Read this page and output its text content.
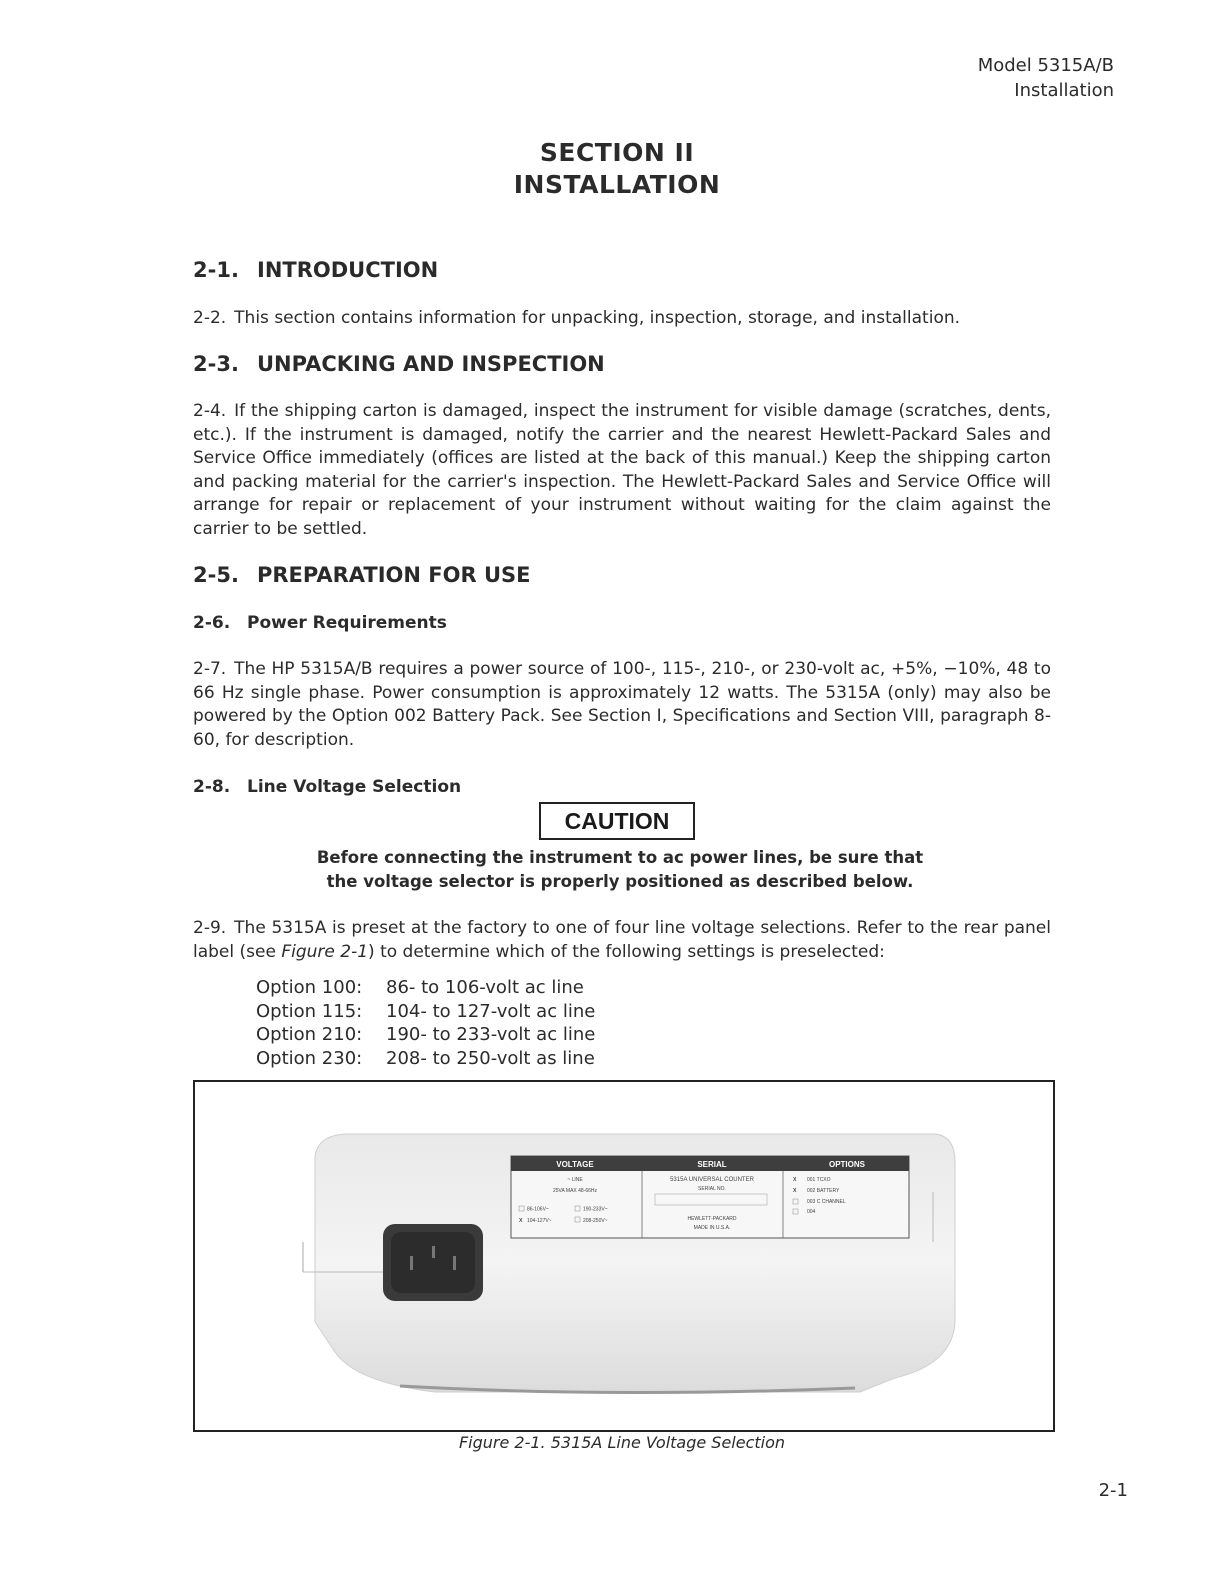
Model 5315A/B
Installation
SECTION II
INSTALLATION
2-1. INTRODUCTION
2-2. This section contains information for unpacking, inspection, storage, and installation.
2-3. UNPACKING AND INSPECTION
2-4. If the shipping carton is damaged, inspect the instrument for visible damage (scratches, dents, etc.). If the instrument is damaged, notify the carrier and the nearest Hewlett-Packard Sales and Service Office immediately (offices are listed at the back of this manual.) Keep the shipping carton and packing material for the carrier's inspection. The Hewlett-Packard Sales and Service Office will arrange for repair or replacement of your instrument without waiting for the claim against the carrier to be settled.
2-5. PREPARATION FOR USE
2-6. Power Requirements
2-7. The HP 5315A/B requires a power source of 100-, 115-, 210-, or 230-volt ac, +5%, −10%, 48 to 66 Hz single phase. Power consumption is approximately 12 watts. The 5315A (only) may also be powered by the Option 002 Battery Pack. See Section I, Specifications and Section VIII, paragraph 8-60, for description.
2-8. Line Voltage Selection
CAUTION
Before connecting the instrument to ac power lines, be sure that
the voltage selector is properly positioned as described below.
2-9. The 5315A is preset at the factory to one of four line voltage selections. Refer to the rear panel label (see Figure 2-1) to determine which of the following settings is preselected:
Option 100:	86- to 106-volt ac line
Option 115:	104- to 127-volt ac line
Option 210:	190- to 233-volt ac line
Option 230:	208- to 250-volt as line
VOLTAGE	SERIAL	OPTIONS
~ LINE
25VA MAX 48-66Hz
86-106V~	190-233V~
x 104-127V~	208-250V~
5315A UNIVERSAL COUNTER
SERIAL NO.
HEWLETT-PACKARD
MADE IN U.S.A.
x 001 TCXO
x 002 BATTERY
003 C CHANNEL
004
Figure 2-1. 5315A Line Voltage Selection
2-1
